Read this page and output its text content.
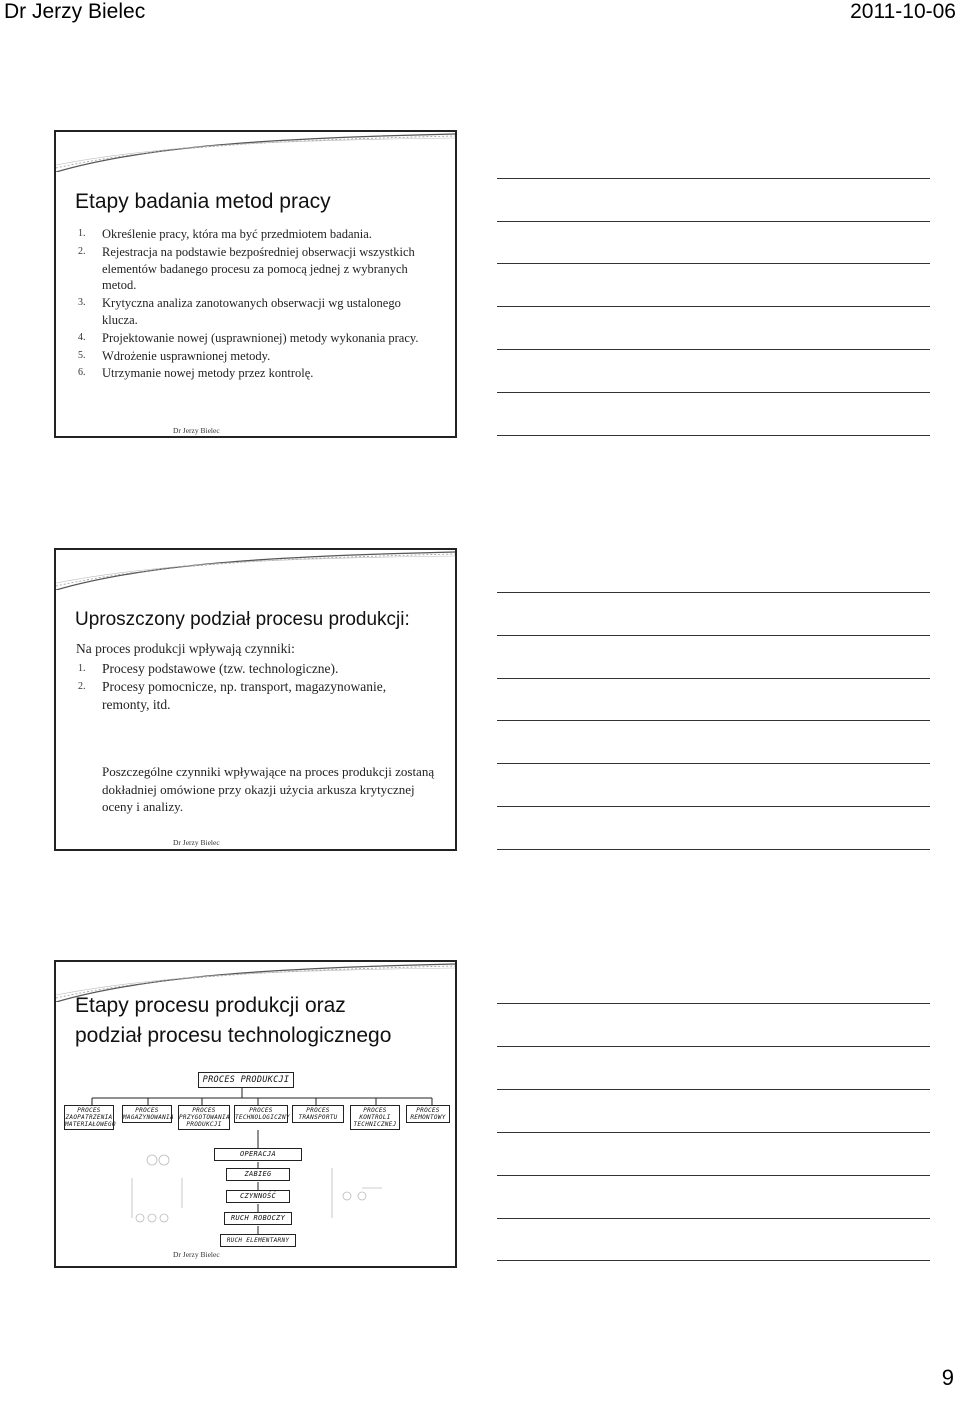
Dr Jerzy Bielec	2011-10-06
Etapy badania metod pracy
1. Określenie pracy, która ma być przedmiotem badania.
2. Rejestracja na podstawie bezpośredniej obserwacji wszystkich elementów badanego procesu za pomocą jednej z wybranych metod.
3. Krytyczna analiza zanotowanych obserwacji wg ustalonego klucza.
4. Projektowanie nowej (usprawnionej) metody wykonania pracy.
5. Wdrożenie usprawnionej metody.
6. Utrzymanie nowej metody przez kontrolę.
Dr Jerzy Bielec
Uproszczony podział procesu produkcji:
Na proces produkcji wpływają czynniki:
1. Procesy podstawowe (tzw. technologiczne).
2. Procesy pomocnicze, np. transport, magazynowanie, remonty, itd.
Poszczególne czynniki wpływające na proces produkcji zostaną dokładniej omówione przy okazji użycia arkusza krytycznej oceny i analizy.
Dr Jerzy Bielec
Etapy procesu produkcji oraz
podział procesu technologicznego
PROCES PRODUKCJI
PROCES
ZAOPATRZENIA
MATERIAŁOWEGO
PROCES
MAGAZYNOWANIA
PROCES
PRZYGOTOWANIA
PRODUKCJI
PROCES
TECHNOLOGICZNY
PROCES
TRANSPORTU
PROCES
KONTROLI
TECHNICZNEJ
PROCES
REMONTOWY
OPERACJA
ZABIEG
CZYNNOŚĆ
RUCH ROBOCZY
RUCH ELEMENTARNY
Dr Jerzy Bielec
9
